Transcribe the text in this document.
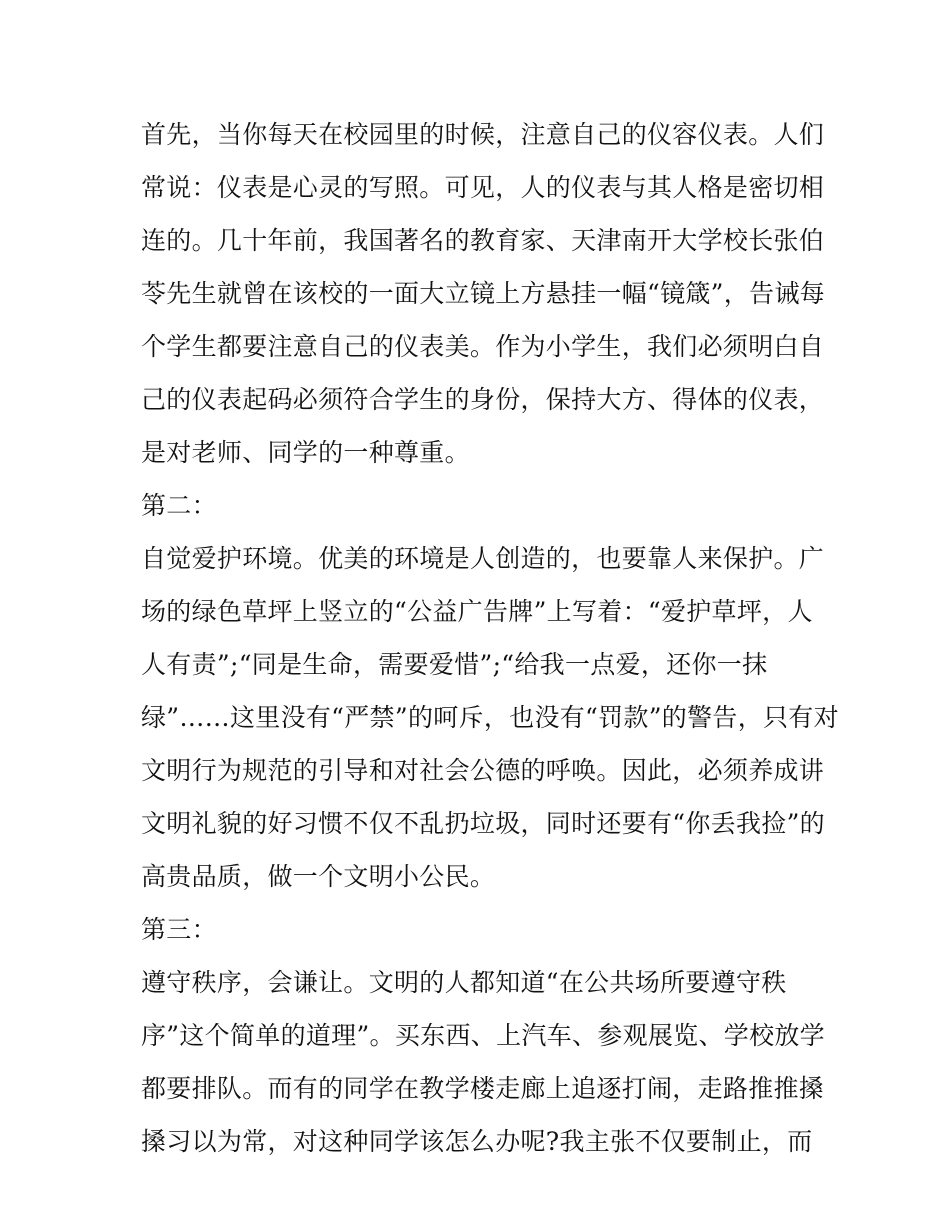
首先，当你每天在校园里的时候，注意自己的仪容仪表。人们
常说：仪表是心灵的写照。可见，人的仪表与其人格是密切相
连的。几十年前，我国著名的教育家、天津南开大学校长张伯
苓先生就曾在该校的一面大立镜上方悬挂一幅“镜箴”，告诫每
个学生都要注意自己的仪表美。作为小学生，我们必须明白自
己的仪表起码必须符合学生的身份，保持大方、得体的仪表，
是对老师、同学的一种尊重。
第二：
自觉爱护环境。优美的环境是人创造的，也要靠人来保护。广
场的绿色草坪上竖立的“公益广告牌”上写着：“爱护草坪，人
人有责”;“同是生命，需要爱惜”;“给我一点爱，还你一抹
绿”……这里没有“严禁”的呵斥，也没有“罚款”的警告，只有对
文明行为规范的引导和对社会公德的呼唤。因此，必须养成讲
文明礼貌的好习惯不仅不乱扔垃圾，同时还要有“你丢我捡”的
高贵品质，做一个文明小公民。
第三：
遵守秩序，会谦让。文明的人都知道“在公共场所要遵守秩
序”这个简单的道理”。买东西、上汽车、参观展览、学校放学
都要排队。而有的同学在教学楼走廊上追逐打闹，走路推推搡
搡习以为常，对这种同学该怎么办呢?我主张不仅要制止，而
